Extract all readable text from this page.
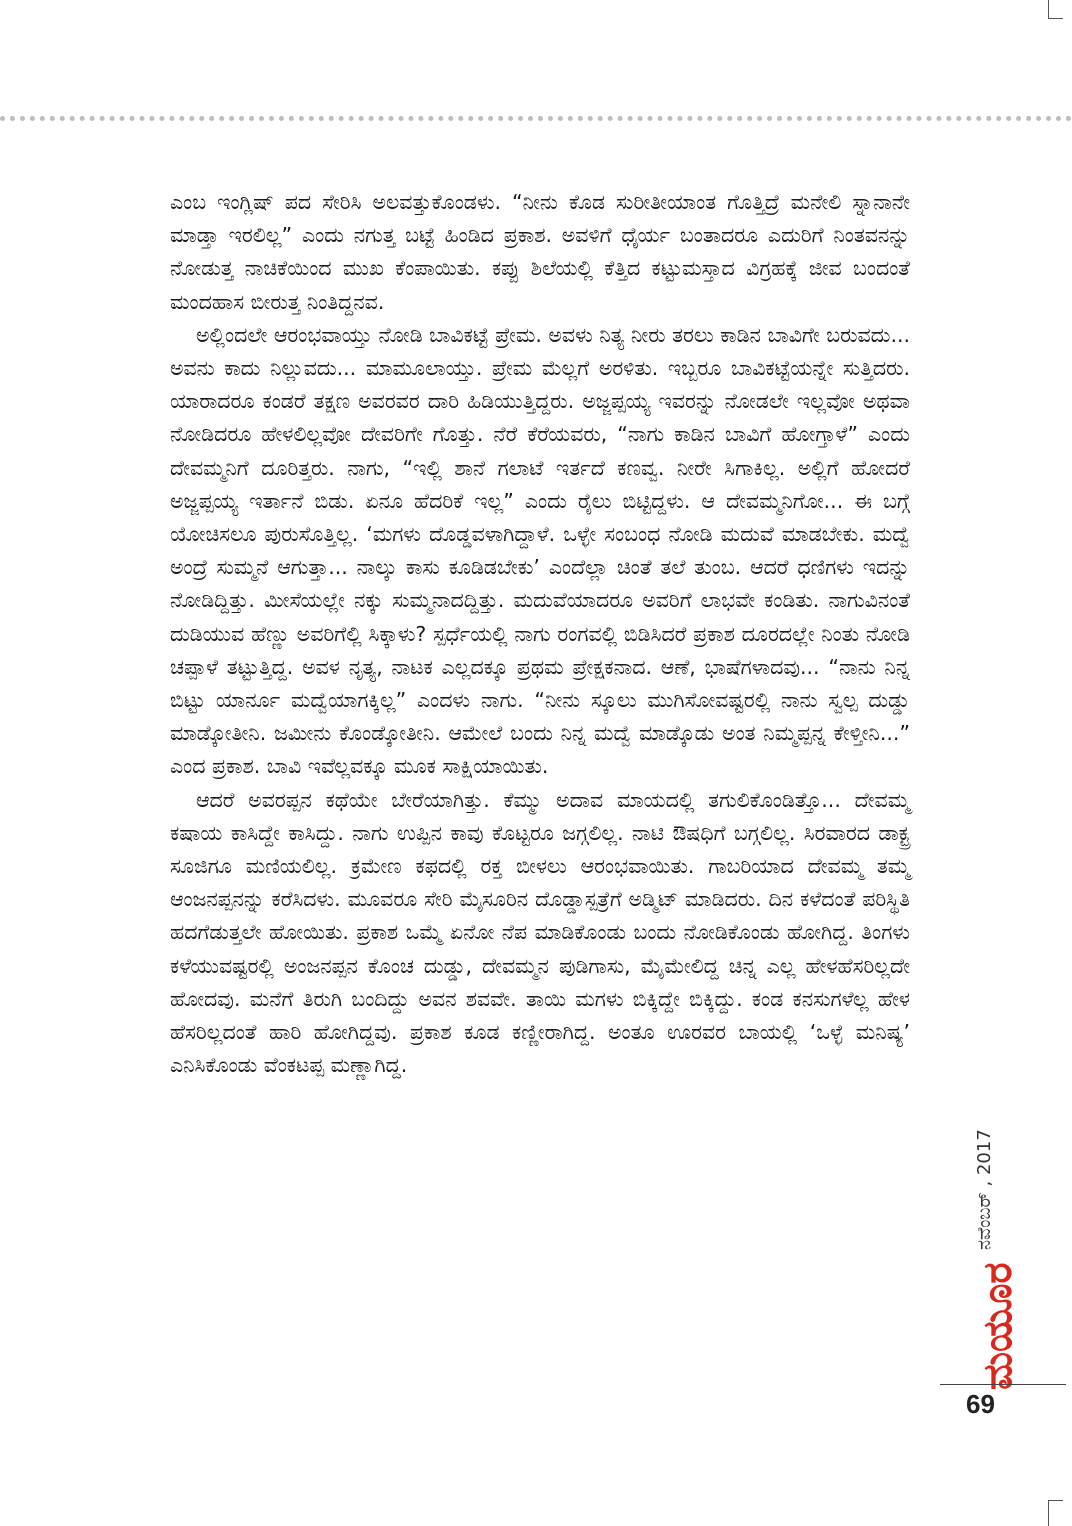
ಎಂಬ ಇಂಗ್ಲಿಷ್ ಪದ ಸೇರಿಸಿ ಅಲವತ್ತುಕೊಂಡಳು. “ನೀನು ಕೊಡ ಸುರೀತೀಯಾಂತ ಗೊತ್ತಿದ್ರೆ ಮನೇಲಿ ಸ್ನಾನಾನೇ ಮಾಡ್ತಾ ಇರಲಿಲ್ಲ” ಎಂದು ನಗುತ್ತ ಬಟ್ಟೆ ಹಿಂಡಿದ ಪ್ರಕಾಶ. ಅವಳಿಗೆ ಧೈರ್ಯ ಬಂತಾದರೂ ಎದುರಿಗೆ ನಿಂತವನನ್ನು ನೋಡುತ್ತ ನಾಚಿಕೆಯಿಂದ ಮುಖ ಕೆಂಪಾಯಿತು. ಕಪ್ಪು ಶಿಲೆಯಲ್ಲಿ ಕೆತ್ತಿದ ಕಟ್ಟುಮಸ್ತಾದ ವಿಗ್ರಹಕ್ಕೆ ಜೀವ ಬಂದಂತೆ ಮಂದಹಾಸ ಬೀರುತ್ತ ನಿಂತಿದ್ದನವ.

ಅಲ್ಲಿಂದಲೇ ಆರಂಭವಾಯ್ತು ನೋಡಿ ಬಾವಿಕಟ್ಟೆ ಪ್ರೇಮ. ಅವಳು ನಿತ್ಯ ನೀರು ತರಲು ಕಾಡಿನ ಬಾವಿಗೇ ಬರುವದು... ಅವನು ಕಾದು ನಿಲ್ಲುವದು... ಮಾಮೂಲಾಯ್ತು. ಪ್ರೇಮ ಮೆಲ್ಲಗೆ ಅರಳಿತು. ಇಬ್ಬರೂ ಬಾವಿಕಟ್ಟೆಯನ್ನೇ ಸುತ್ತಿದರು. ಯಾರಾದರೂ ಕಂಡರೆ ತಕ್ಷಣ ಅವರವರ ದಾರಿ ಹಿಡಿಯುತ್ತಿದ್ದರು. ಅಜ್ಜಪ್ಪಯ್ಯ ಇವರನ್ನು ನೋಡಲೇ ಇಲ್ಲವೋ ಅಥವಾ ನೋಡಿದರೂ ಹೇಳಲಿಲ್ಲವೋ ದೇವರಿಗೇ ಗೊತ್ತು. ನೆರೆ ಕೆರೆಯವರು, “ನಾಗು ಕಾಡಿನ ಬಾವಿಗೆ ಹೋಗ್ತಾಳೆ” ಎಂದು ದೇವಮ್ಮನಿಗೆ ದೂರಿತ್ತರು. ನಾಗು, “ಇಲ್ಲಿ ಶಾನೆ ಗಲಾಟೆ ಇರ್ತದೆ ಕಣವ್ವ. ನೀರೇ ಸಿಗಾಕಿಲ್ಲ. ಅಲ್ಲಿಗೆ ಹೋದರೆ ಅಜ್ಜಪ್ಪಯ್ಯ ಇರ್ತಾನೆ ಬಿಡು. ಏನೂ ಹೆದರಿಕೆ ಇಲ್ಲ” ಎಂದು ರೈಲು ಬಿಟ್ಟಿದ್ದಳು. ಆ ದೇವಮ್ಮನಿಗೋ... ಈ ಬಗ್ಗೆ ಯೋಚಿಸಲೂ ಪುರುಸೊತ್ತಿಲ್ಲ. ‘ಮಗಳು ದೊಡ್ಡವಳಾಗಿದ್ದಾಳೆ. ಒಳ್ಳೇ ಸಂಬಂಧ ನೋಡಿ ಮದುವೆ ಮಾಡಬೇಕು. ಮದ್ವೆ ಅಂದ್ರೆ ಸುಮ್ಮನೆ ಆಗುತ್ತಾ... ನಾಲ್ಕು ಕಾಸು ಕೂಡಿಡಬೇಕು’ ಎಂದೆಲ್ಲಾ ಚಿಂತೆ ತಲೆ ತುಂಬ. ಆದರೆ ಧಣಿಗಳು ಇದನ್ನು ನೋಡಿದ್ದಿತ್ತು. ಮೀಸೆಯಲ್ಲೇ ನಕ್ಕು ಸುಮ್ಮನಾದದ್ದಿತ್ತು. ಮದುವೆಯಾದರೂ ಅವರಿಗೆ ಲಾಭವೇ ಕಂಡಿತು. ನಾಗುವಿನಂತೆ ದುಡಿಯುವ ಹೆಣ್ಣು ಅವರಿಗೆಲ್ಲಿ ಸಿಕ್ಕಾಳು? ಸ್ಪರ್ಧೆಯಲ್ಲಿ ನಾಗು ರಂಗವಲ್ಲಿ ಬಿಡಿಸಿದರೆ ಪ್ರಕಾಶ ದೂರದಲ್ಲೇ ನಿಂತು ನೋಡಿ ಚಪ್ಪಾಳೆ ತಟ್ಟುತ್ತಿದ್ದ. ಅವಳ ನೃತ್ಯ, ನಾಟಕ ಎಲ್ಲದಕ್ಕೂ ಪ್ರಥಮ ಪ್ರೇಕ್ಷಕನಾದ. ಆಣೆ, ಭಾಷೆಗಳಾದವು... “ನಾನು ನಿನ್ನ ಬಿಟ್ಟು ಯಾರ್ನೂ ಮದ್ವೆಯಾಗಕ್ಕಿಲ್ಲ” ಎಂದಳು ನಾಗು. “ನೀನು ಸ್ಕೂಲು ಮುಗಿಸೋವಷ್ಟರಲ್ಲಿ ನಾನು ಸ್ವಲ್ಪ ದುಡ್ಡು ಮಾಡ್ಕೋತೀನಿ. ಜಮೀನು ಕೊಂಡ್ಕೋತೀನಿ. ಆಮೇಲೆ ಬಂದು ನಿನ್ನ ಮದ್ವೆ ಮಾಡ್ಕೊಡು ಅಂತ ನಿಮ್ಮಪ್ಪನ್ನ ಕೇಳ್ತೀನಿ...” ಎಂದ ಪ್ರಕಾಶ. ಬಾವಿ ಇವೆಲ್ಲವಕ್ಕೂ ಮೂಕ ಸಾಕ್ಷಿಯಾಯಿತು.

ಆದರೆ ಅವರಪ್ಪನ ಕಥೆಯೇ ಬೇರೆಯಾಗಿತ್ತು. ಕೆಮ್ಮು ಅದಾವ ಮಾಯದಲ್ಲಿ ತಗುಲಿಕೊಂಡಿತ್ತೊ... ದೇವಮ್ಮ ಕಷಾಯ ಕಾಸಿದ್ದೇ ಕಾಸಿದ್ದು. ನಾಗು ಉಪ್ಪಿನ ಕಾವು ಕೊಟ್ಟರೂ ಜಗ್ಗಲಿಲ್ಲ. ನಾಟಿ ಔಷಧಿಗೆ ಬಗ್ಗಲಿಲ್ಲ. ಸಿರವಾರದ ಡಾಕ್ಟ್ರ ಸೂಜಿಗೂ ಮಣಿಯಲಿಲ್ಲ. ಕ್ರಮೇಣ ಕಫದಲ್ಲಿ ರಕ್ತ ಬೀಳಲು ಆರಂಭವಾಯಿತು. ಗಾಬರಿಯಾದ ದೇವಮ್ಮ ತಮ್ಮ ಆಂಜನಪ್ಪನನ್ನು ಕರೆಸಿದಳು. ಮೂವರೂ ಸೇರಿ ಮೈಸೂರಿನ ದೊಡ್ಡಾಸ್ಪತ್ರೆಗೆ ಅಡ್ಮಿಟ್ ಮಾಡಿದರು. ದಿನ ಕಳೆದಂತೆ ಪರಿಸ್ಥಿತಿ ಹದಗೆಡುತ್ತಲೇ ಹೋಯಿತು. ಪ್ರಕಾಶ ಒಮ್ಮೆ ಏನೋ ನೆಪ ಮಾಡಿಕೊಂಡು ಬಂದು ನೋಡಿಕೊಂಡು ಹೋಗಿದ್ದ. ತಿಂಗಳು ಕಳೆಯುವಷ್ಟರಲ್ಲಿ ಅಂಜನಪ್ಪನ ಕೊಂಚ ದುಡ್ಡು, ದೇವಮ್ಮನ ಪುಡಿಗಾಸು, ಮೈಮೇಲಿದ್ದ ಚಿನ್ನ ಎಲ್ಲ ಹೇಳಹೆಸರಿಲ್ಲದೇ ಹೋದವು. ಮನೆಗೆ ತಿರುಗಿ ಬಂದಿದ್ದು ಅವನ ಶವವೇ. ತಾಯಿ ಮಗಳು ಬಿಕ್ಕಿದ್ದೇ ಬಿಕ್ಕಿದ್ದು. ಕಂಡ ಕನಸುಗಳೆಲ್ಲ ಹೇಳ ಹೆಸರಿಲ್ಲದಂತೆ ಹಾರಿ ಹೋಗಿದ್ದವು. ಪ್ರಕಾಶ ಕೂಡ ಕಣ್ಣೀರಾಗಿದ್ದ. ಅಂತೂ ಊರವರ ಬಾಯಲ್ಲಿ ‘ಒಳ್ಳೆ ಮನಿಷ್ಯ’ ಎನಿಸಿಕೊಂಡು ವೆಂಕಟಪ್ಪ ಮಣ್ಣಾಗಿದ್ದ.

ನವೆಂಬರ್ , 2017
ಮಯೂರ
69
